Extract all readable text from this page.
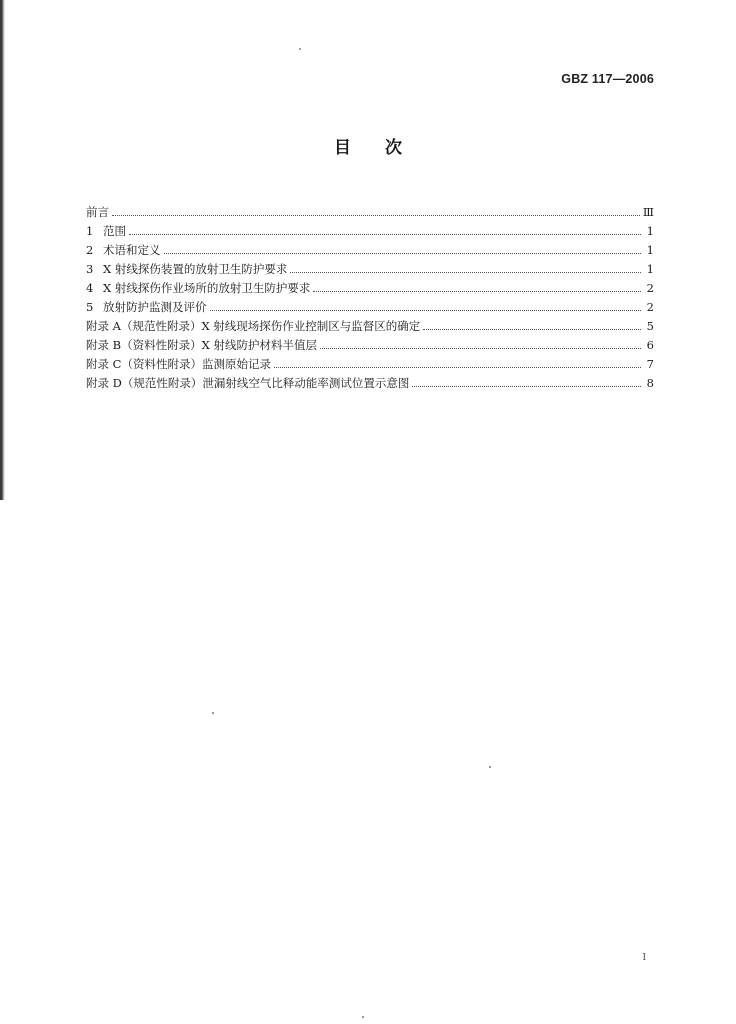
GBZ 117—2006
目 次
前言	Ⅲ
1 范围	1
2 术语和定义	1
3 X 射线探伤装置的放射卫生防护要求	1
4 X 射线探伤作业场所的放射卫生防护要求	2
5 放射防护监测及评价	2
附录 A（规范性附录）X 射线现场探伤作业控制区与监督区的确定	5
附录 B（资料性附录）X 射线防护材料半值层	6
附录 C（资料性附录）监测原始记录	7
附录 D（规范性附录）泄漏射线空气比释动能率测试位置示意图	8
I
